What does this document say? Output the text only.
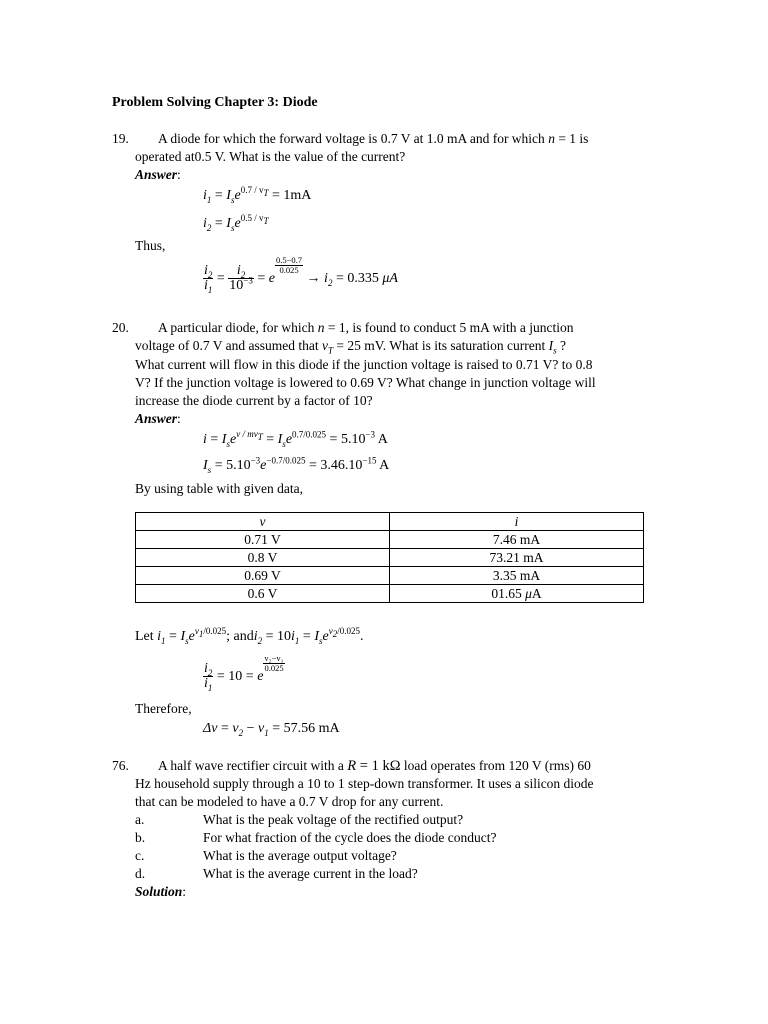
Problem Solving Chapter 3: Diode
19. A diode for which the forward voltage is 0.7 V at 1.0 mA and for which n = 1 is
operated at0.5 V. What is the value of the current?
Answer:
$i_1 = I_se^{0.7 / v_T} = 1mA$
$i_2 = I_se^{0.5 / v_T}$
Thus,
$\frac{i_2}{i_1} = \frac{i_2}{10^{-3}} = e$
$\frac{0.5-0.7}{0.025}$
→ $i_2 = 0.335$ μA
20. A particular diode, for which n = 1, is found to conduct 5 mA with a junction
voltage of 0.7 V and assumed that $v_T = 25$ mV. What is its saturation current $I_s$ ?
What current will flow in this diode if the junction voltage is raised to 0.71 V? to 0.8
V? If the junction voltage is lowered to 0.69 V? What change in junction voltage will
increase the diode current by a factor of 10?
Answer:
$i = I_se^{v / mv_T} = I_se^{0.7/0.025} = 5.10^{-3}$ A
$I_s = 5.10^{-3}e^{-0.7/0.025} = 3.46.10^{-15}$ A
By using table with given data,
v	i
0.71 V	7.46 mA
0.8 V	73.21 mA
0.69 V	3.35 mA
0.6 V	01.65 μA
Let $i_1 = I_se^{v_1/0.025}$; andi$_2$ = $10i_1 = I_se^{v_2/0.025}$.
$\frac{i_2}{i_1} = 10 = e$
$\frac{\text{v₂−v₁}}{0.025}$
Therefore,
$\Delta v = v_2 - v_1 = 57.56$ mA
76. A half wave rectifier circuit with a R = 1 kΩ load operates from 120 V (rms) 60
Hz household supply through a 10 to 1 step-down transformer. It uses a silicon diode
that can be modeled to have a 0.7 V drop for any current.
a.	What is the peak voltage of the rectified output?
b.	For what fraction of the cycle does the diode conduct?
c.	What is the average output voltage?
d.	What is the average current in the load?
Solution:
